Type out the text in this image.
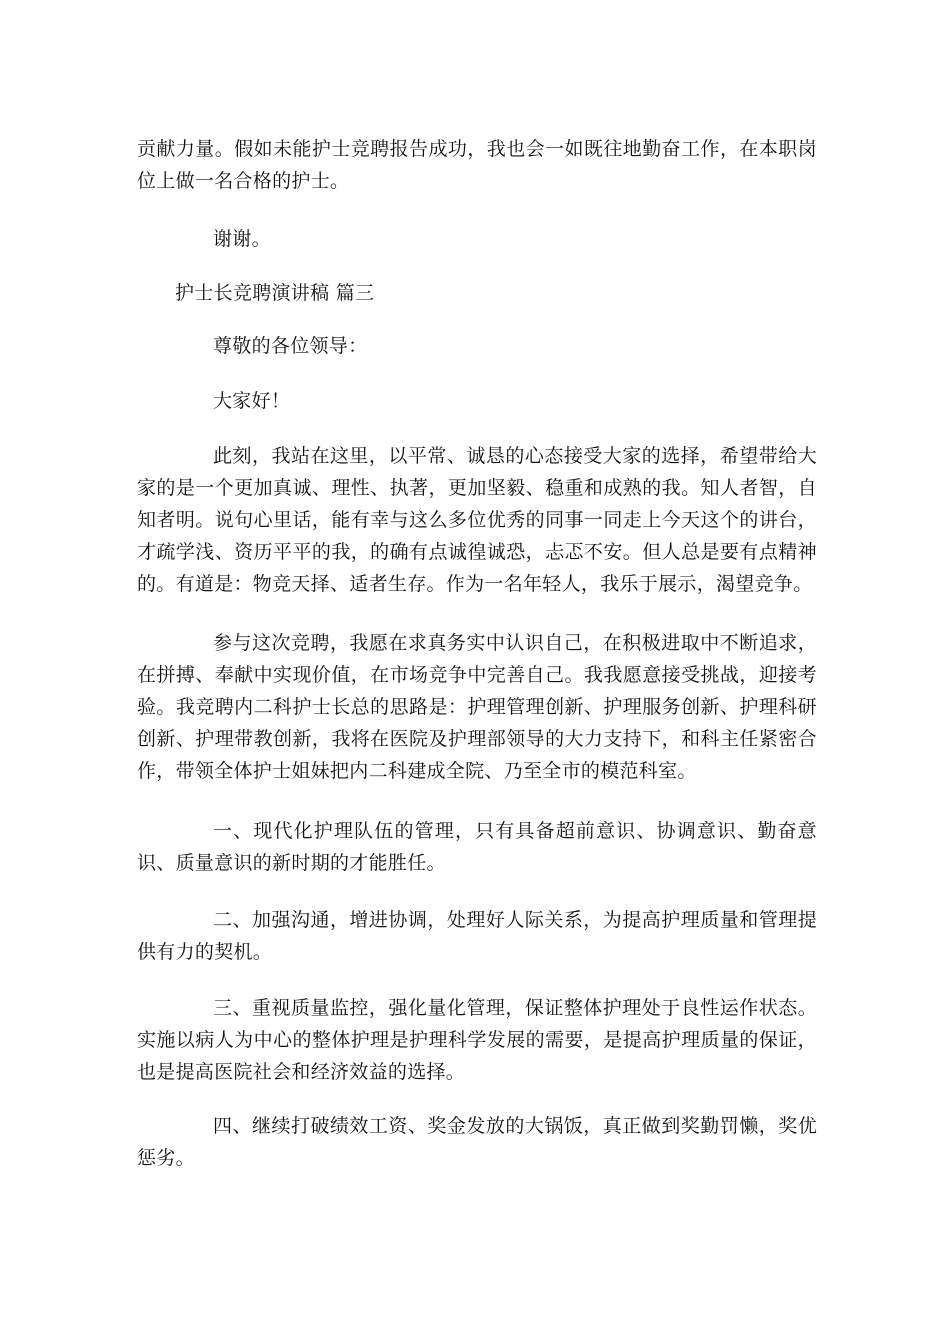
贡献力量。假如未能护士竞聘报告成功，我也会一如既往地勤奋工作，在本职岗位上做一名合格的护士。

谢谢。

护士长竞聘演讲稿 篇三

尊敬的各位领导：

大家好！

此刻，我站在这里，以平常、诚恳的心态接受大家的选择，希望带给大家的是一个更加真诚、理性、执著，更加坚毅、稳重和成熟的我。知人者智，自知者明。说句心里话，能有幸与这么多位优秀的同事一同走上今天这个的讲台，才疏学浅、资历平平的我，的确有点诚徨诚恐，忐忑不安。但人总是要有点精神的。有道是：物竞天择、适者生存。作为一名年轻人，我乐于展示，渴望竞争。

参与这次竞聘，我愿在求真务实中认识自己，在积极进取中不断追求，在拼搏、奉献中实现价值，在市场竞争中完善自己。我我愿意接受挑战，迎接考验。我竞聘内二科护士长总的思路是：护理管理创新、护理服务创新、护理科研创新、护理带教创新，我将在医院及护理部领导的大力支持下，和科主任紧密合作，带领全体护士姐妹把内二科建成全院、乃至全市的模范科室。

一、现代化护理队伍的管理，只有具备超前意识、协调意识、勤奋意识、质量意识的新时期的才能胜任。

二、加强沟通，增进协调，处理好人际关系，为提高护理质量和管理提供有力的契机。

三、重视质量监控，强化量化管理，保证整体护理处于良性运作状态。实施以病人为中心的整体护理是护理科学发展的需要，是提高护理质量的保证，也是提高医院社会和经济效益的选择。

四、继续打破绩效工资、奖金发放的大锅饭，真正做到奖勤罚懒，奖优惩劣。
